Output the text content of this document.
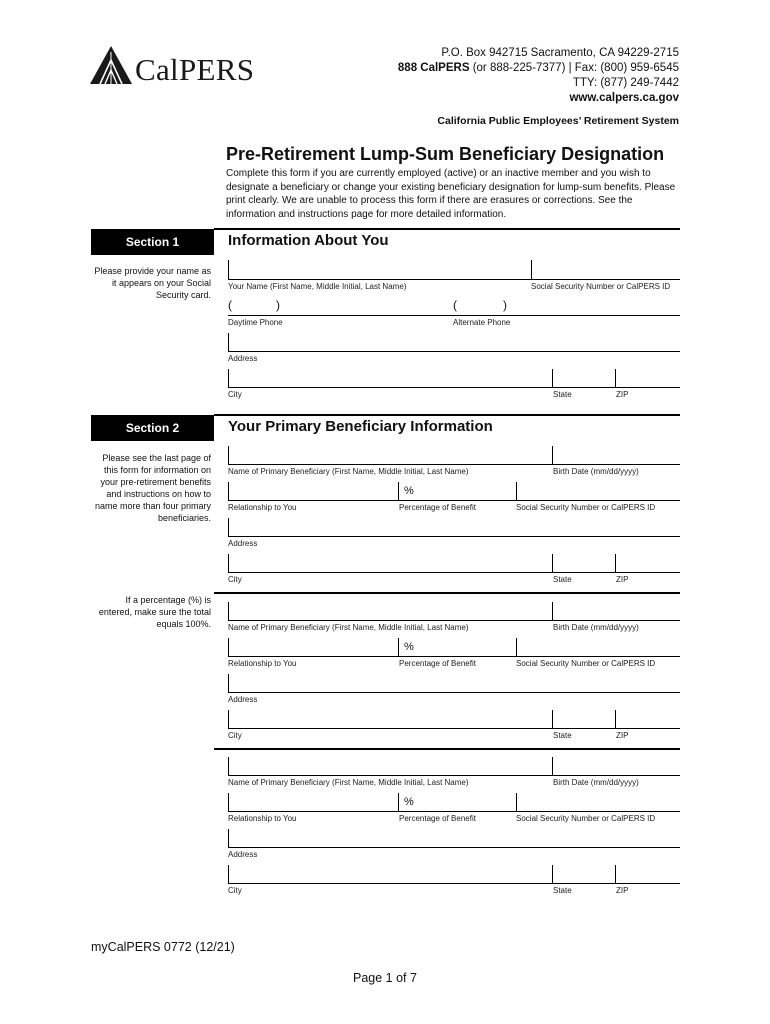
CalPERS	P.O. Box 942715 Sacramento, CA 94229-2715
888 CalPERS (or 888-225-7377) | Fax: (800) 959-6545
TTY: (877) 249-7442
www.calpers.ca.gov
California Public Employees’ Retirement System
Pre-Retirement Lump-Sum Beneficiary Designation
Complete this form if you are currently employed (active) or an inactive member and you wish to designate a beneficiary or change your existing beneficiary designation for lump-sum benefits. Please print clearly. We are unable to process this form if there are erasures or corrections. See the information and instructions page for more detailed information.
Section 1	Information About You
Please provide your name as it appears on your Social Security card.
Your Name (First Name, Middle Initial, Last Name)	Social Security Number or CalPERS ID
(	)	(	)
Daytime Phone	Alternate Phone
Address
City	State	ZIP
Section 2	Your Primary Beneficiary Information
Please see the last page of this form for information on your pre-retirement benefits and instructions on how to name more than four primary beneficiaries.
If a percentage (%) is entered, make sure the total equals 100%.
Name of Primary Beneficiary (First Name, Middle Initial, Last Name)	Birth Date (mm/dd/yyyy)
%
Relationship to You	Percentage of Benefit	Social Security Number or CalPERS ID
Address
City	State	ZIP
Name of Primary Beneficiary (First Name, Middle Initial, Last Name)	Birth Date (mm/dd/yyyy)
%
Relationship to You	Percentage of Benefit	Social Security Number or CalPERS ID
Address
City	State	ZIP
Name of Primary Beneficiary (First Name, Middle Initial, Last Name)	Birth Date (mm/dd/yyyy)
%
Relationship to You	Percentage of Benefit	Social Security Number or CalPERS ID
Address
City	State	ZIP
myCalPERS 0772 (12/21)
Page 1 of 7
